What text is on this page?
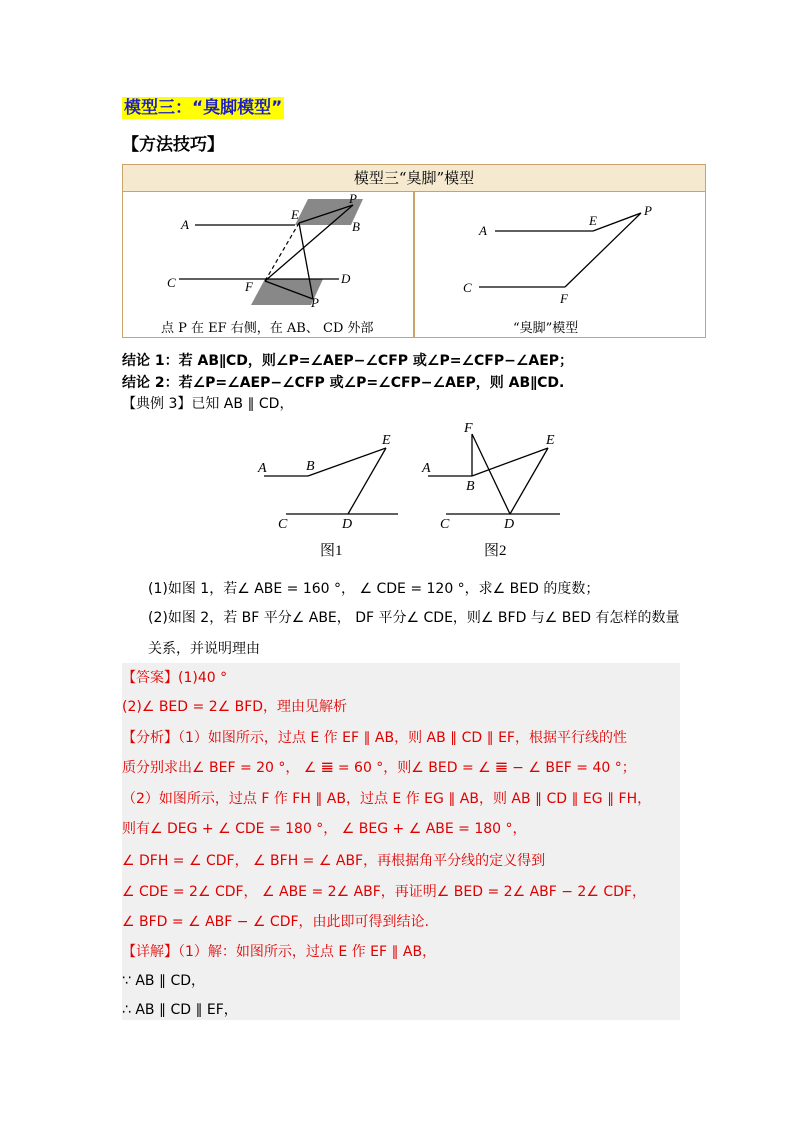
模型三：“臭脚模型”
【方法技巧】
模型三“臭脚”模型
A	B
E
P
C	D
F
P
点 P 在 EF 右侧，在 AB、 CD 外部
A
E
P
C
F
“臭脚”模型
结论 1：若 AB∥CD，则∠P=∠AEP−∠CFP 或∠P=∠CFP−∠AEP；
结论 2：若∠P=∠AEP−∠CFP 或∠P=∠CFP−∠AEP，则 AB∥CD.
【典例 3】已知 AB ∥ CD，
A	B
E
C	D
A
B
F
E
C	D
图1	图2
(1)如图 1，若∠ ABE = 160 °， ∠ CDE = 120 °，求∠ BED 的度数；
(2)如图 2，若 BF 平分∠ ABE， DF 平分∠ CDE，则∠ BFD 与∠ BED 有怎样的数量
关系，并说明理由
【答案】(1)40 °
(2)∠ BED = 2∠ BFD，理由见解析
【分析】（1）如图所示，过点 E 作 EF ∥ AB，则 AB ∥ CD ∥ EF，根据平行线的性
质分别求出∠ BEF = 20 °， ∠ 𝌆 = 60 °，则∠ BED = ∠ 𝌆 − ∠ BEF = 40 °；
（2）如图所示，过点 F 作 FH ∥ AB，过点 E 作 EG ∥ AB，则 AB ∥ CD ∥ EG ∥ FH，
则有∠ DEG + ∠ CDE = 180 °， ∠ BEG + ∠ ABE = 180 °，
∠ DFH = ∠ CDF， ∠ BFH = ∠ ABF，再根据角平分线的定义得到
∠ CDE = 2∠ CDF， ∠ ABE = 2∠ ABF，再证明∠ BED = 2∠ ABF − 2∠ CDF，
∠ BFD = ∠ ABF − ∠ CDF，由此即可得到结论.
【详解】（1）解：如图所示，过点 E 作 EF ∥ AB，
∵ AB ∥ CD，
∴ AB ∥ CD ∥ EF，
